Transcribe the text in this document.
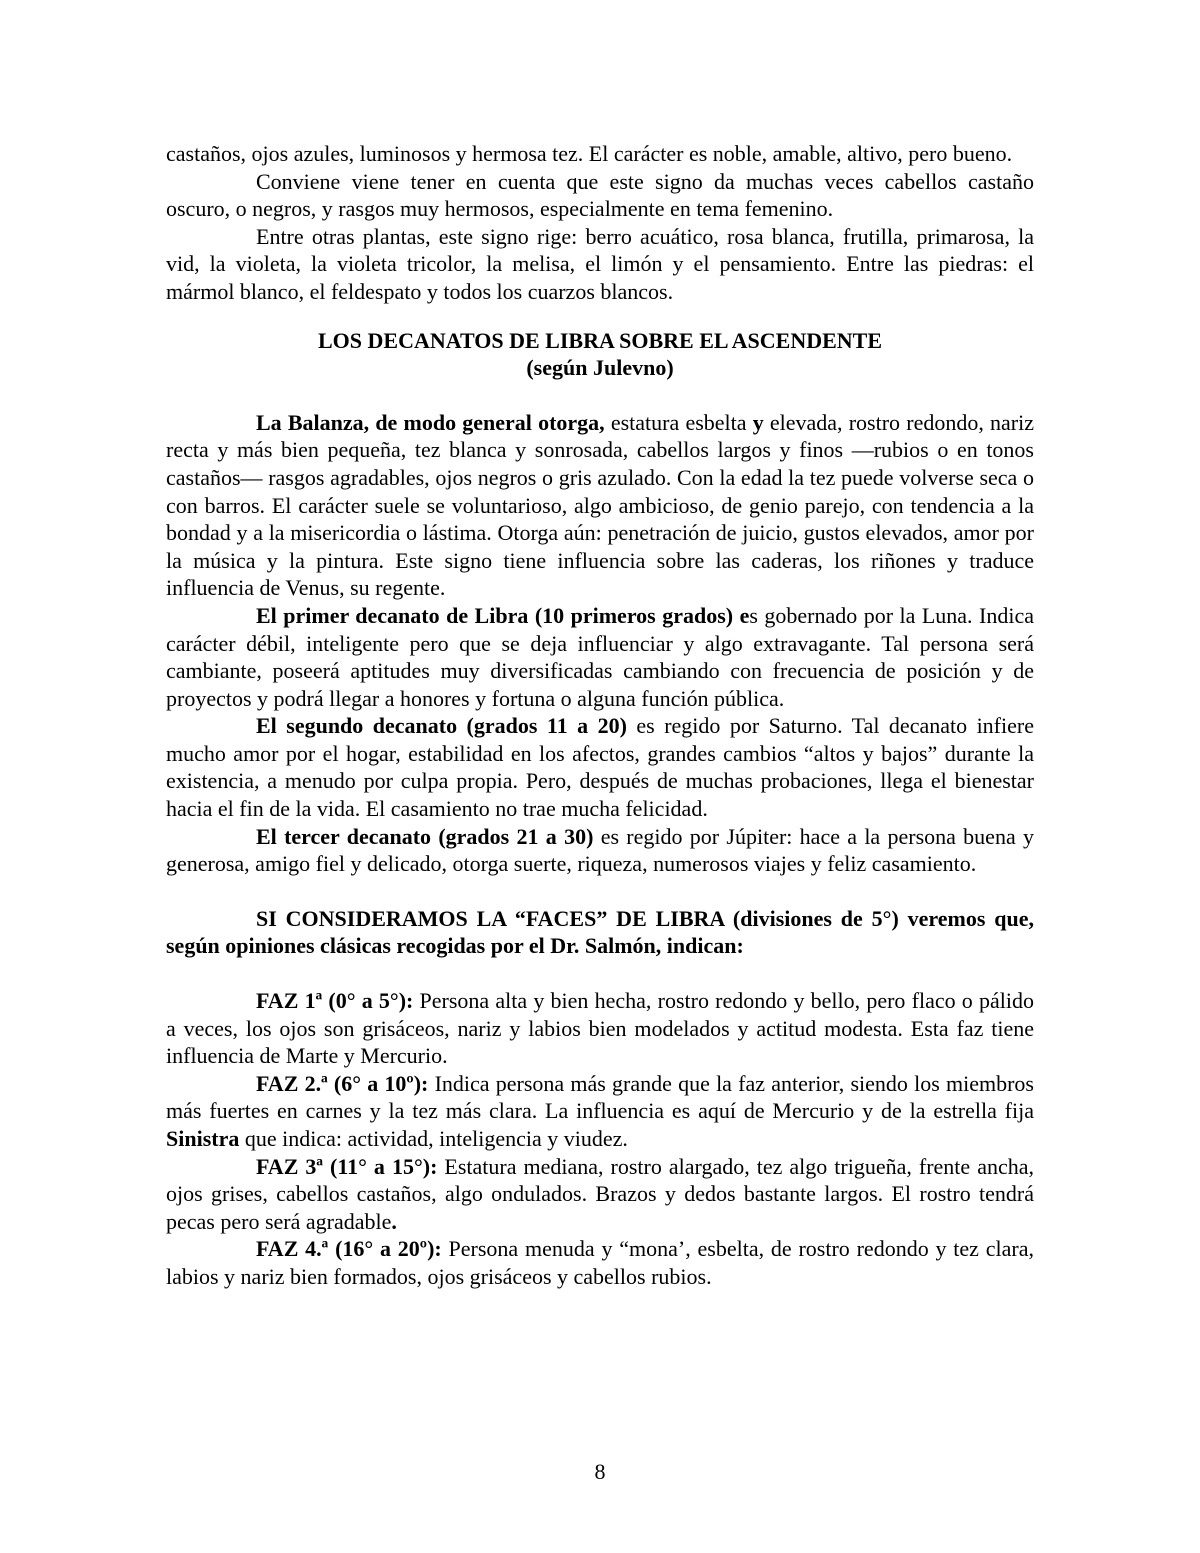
castaños, ojos azules, luminosos y hermosa tez. El carácter es noble, amable, altivo, pero bueno.

Conviene viene tener en cuenta que este signo da muchas veces cabellos castaño oscuro, o negros, y rasgos muy hermosos, especialmente en tema femenino.

Entre otras plantas, este signo rige: berro acuático, rosa blanca, frutilla, primarosa, la vid, la violeta, la violeta tricolor, la melisa, el limón y el pensamiento. Entre las piedras: el mármol blanco, el feldespato y todos los cuarzos blancos.

LOS DECANATOS DE LIBRA SOBRE EL ASCENDENTE
(según Julevno)

La Balanza, de modo general otorga, estatura esbelta y elevada, rostro redondo, nariz recta y más bien pequeña, tez blanca y sonrosada, cabellos largos y finos —rubios o en tonos castaños— rasgos agradables, ojos negros o gris azulado. Con la edad la tez puede volverse seca o con barros. El carácter suele se voluntarioso, algo ambicioso, de genio parejo, con tendencia a la bondad y a la misericordia o lástima. Otorga aún: penetración de juicio, gustos elevados, amor por la música y la pintura. Este signo tiene influencia sobre las caderas, los riñones y traduce influencia de Venus, su regente.

El primer decanato de Libra (10 primeros grados) es gobernado por la Luna. Indica carácter débil, inteligente pero que se deja influenciar y algo extravagante. Tal persona será cambiante, poseerá aptitudes muy diversificadas cambiando con frecuencia de posición y de proyectos y podrá llegar a honores y fortuna o alguna función pública.

El segundo decanato (grados 11 a 20) es regido por Saturno. Tal decanato infiere mucho amor por el hogar, estabilidad en los afectos, grandes cambios “altos y bajos” durante la existencia, a menudo por culpa propia. Pero, después de muchas probaciones, llega el bienestar hacia el fin de la vida. El casamiento no trae mucha felicidad.

El tercer decanato (grados 21 a 30) es regido por Júpiter: hace a la persona buena y generosa, amigo fiel y delicado, otorga suerte, riqueza, numerosos viajes y feliz casamiento.

SI CONSIDERAMOS LA “FACES” DE LIBRA (divisiones de 5°) veremos que, según opiniones clásicas recogidas por el Dr. Salmón, indican:

FAZ 1ª (0° a 5°): Persona alta y bien hecha, rostro redondo y bello, pero flaco o pálido a veces, los ojos son grisáceos, nariz y labios bien modelados y actitud modesta. Esta faz tiene influencia de Marte y Mercurio.

FAZ 2.ª (6° a 10º): Indica persona más grande que la faz anterior, siendo los miembros más fuertes en carnes y la tez más clara. La influencia es aquí de Mercurio y de la estrella fija Sinistra que indica: actividad, inteligencia y viudez.

FAZ 3ª (11° a 15°): Estatura mediana, rostro alargado, tez algo trigueña, frente ancha, ojos grises, cabellos castaños, algo ondulados. Brazos y dedos bastante largos. El rostro tendrá pecas pero será agradable.

FAZ 4.ª (16° a 20º): Persona menuda y “mona’, esbelta, de rostro redondo y tez clara, labios y nariz bien formados, ojos grisáceos y cabellos rubios.

8
